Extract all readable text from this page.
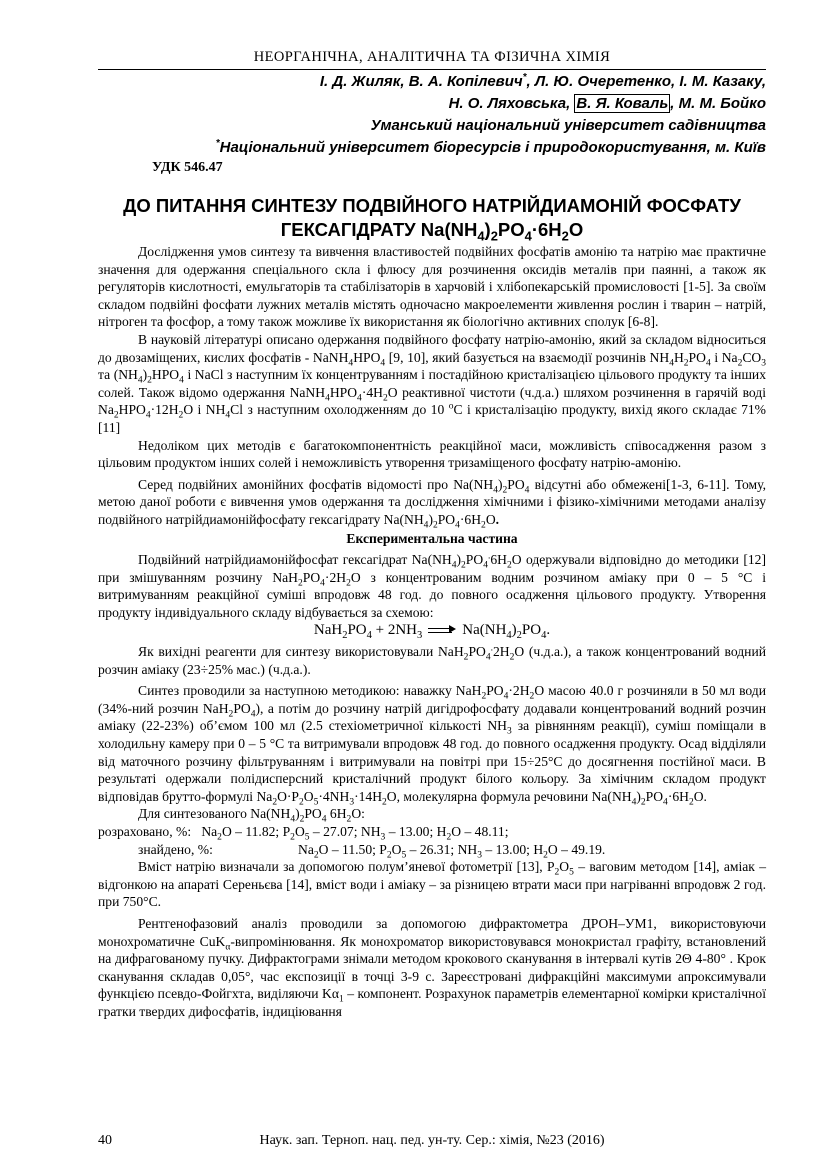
НЕОРГАНІЧНА, АНАЛІТИЧНА ТА ФІЗИЧНА ХІМІЯ
І. Д. Жиляк, В. А. Копілевич*, Л. Ю. Очеретенко, І. М. Казаку,
Н. О. Ляховська, В. Я. Коваль , М. М. Бойко
Уманський національний університет садівництва
*Національний університет біоресурсів і природокористування, м. Київ
УДК 546.47
ДО ПИТАННЯ СИНТЕЗУ ПОДВІЙНОГО НАТРІЙДИАМОНІЙ ФОСФАТУ
ГЕКСАГІДРАТУ $Na(NH_4)_2PO_4\cdot 6H_2O$

Дослідження умов синтезу та вивчення властивостей подвійних фосфатів амонію та натрію має практичне значення для одержання спеціального скла і флюсу для розчинення оксидів металів при паянні, а також як регуляторів кислотності, емульгаторів та стабілізаторів в харчовій і хлібопекарській промисловості [1-5]. За своїм складом подвійні фосфати лужних металів містять одночасно макроелементи живлення рослин і тварин – натрій, нітроген та фосфор, а тому також можливе їх використання як біологічно активних сполук [6-8].

В науковій літературі описано одержання подвійного фосфату натрію-амонію, який за складом відноситься до двозаміщених, кислих фосфатів - $NaNH_4HPO_4$ [9, 10], який базується на взаємодії розчинів $NH_4H_2PO_4$ і $Na_2CO_3$ та $(NH_4)_2HPO_4$ і NaCl з наступним їх концентруванням і постадійною кристалізацією цільового продукту та інших солей. Також відомо одержання $NaNH_4HPO_4\cdot 4H_2O$ реактивної чистоти (ч.д.а.) шляхом розчинення в гарячій воді $Na_2HPO_4\cdot 12H_2O$ і $NH_4Cl$ з наступним охолодженням до 10 $^o$C і кристалізацію продукту, вихід якого складає 71% [11]

Недоліком цих методів є багатокомпонентність реакційної маси, можливість співосадження разом з цільовим продуктом інших солей і неможливість утворення тризаміщеного фосфату натрію-амонію.

Серед подвійних амонійних фосфатів відомості про $Na(NH_4)_2PO_4$ відсутні або обмежені[1-3, 6-11]. Тому, метою даної роботи є вивчення умов одержання та дослідження хімічними і фізико-хімічними методами аналізу подвійного натрійдиамонійфосфату гексагідрату $Na(NH_4)_2PO_4\cdot 6H_2O$.

Експериментальна частина

Подвійний натрійдиамонійфосфат гексагідрат $Na(NH_4)_2PO_4^.6H_2O$ одержували відповідно до методики [12] при змішуванням розчину $NaH_2PO_4\cdot 2H_2O$ з концентрованим водним розчином аміаку при 0 – 5 °С і витримуванням реакційної суміші впродовж 48 год. до повного осадження цільового продукту. Утворення продукту індивідуального складу відбувається за схемою:

$NaH_2PO_4 + 2NH_3$	$Na(NH_4)_2PO_4$.

Як вихідні реагенти для синтезу використовували $NaH_2PO_4^.2H_2O$ (ч.д.а.), а також концентрований водний розчин аміаку (23÷25% мас.) (ч.д.а.).

Синтез проводили за наступною методикою: наважку $NaH_2PO_4\cdot 2H_2O$ масою 40.0 г розчиняли в 50 мл води (34%-ний розчин $NaH_2PO_4$), а потім до розчину натрій дигідрофосфату додавали концентрований водний розчин аміаку (22-23%) об’ємом 100 мл (2.5 стехіометричної кількості $NH_3$ за рівнянням реакції), суміш поміщали в холодильну камеру при 0 – 5 °С та витримували впродовж 48 год. до повного осадження продукту. Осад відділяли від маточного розчину фільтруванням і витримували на повітрі при 15÷25°С до досягнення постійної маси. В результаті одержали полідисперсний кристалічний продукт білого кольору. За хімічним складом продукт відповідав брутто-формулі $Na_2O\cdot P_2O_5\cdot 4NH_3\cdot 14H_2O$, молекулярна формула речовини $Na(NH_4)_2PO_4\cdot 6H_2O$.

Для синтезованого $Na(NH_4)_2PO_4$ $6H_2O$:

розраховано, %:   $Na_2O - 11.82$; $P_2O_5 - 27.07$; $NH_3 - 13.00$; $H_2O - 48.11$;

знайдено, %:	$Na_2O - 11.50$; $P_2O_5 - 26.31$; $NH_3 - 13.00$; $H_2O - 49.19$.

Вміст натрію визначали за допомогою полум’яневої фотометрії [13], $P_2O_5$ – ваговим методом [14], аміак – відгонкою на апараті Сереньєва [14], вміст води і аміаку – за різницею втрати маси при нагріванні впродовж 2 год. при 750°С.

Рентгенофазовий аналіз проводили за допомогою дифрактометра ДРОН–УМ1, використовуючи монохроматичне CuK$_\alpha$-випромінювання. Як монохроматор використовувався монокристал графіту, встановлений на дифрагованому пучку. Дифрактограми знімали методом крокового сканування в інтервалі кутів 2Θ 4-80° . Крок сканування складав 0,05°, час експозиції в точці 3-9 с. Зареєстровані дифракційні максимуми апроксимували функцією псевдо-Фойгхта, виділяючи $K\alpha_1$ – компонент. Розрахунок параметрів елементарної комірки кристалічної гратки твердих дифосфатів, індиціювання

40	Наук. зап. Терноп. нац. пед. ун-ту. Сер.: хімія, №23 (2016)
